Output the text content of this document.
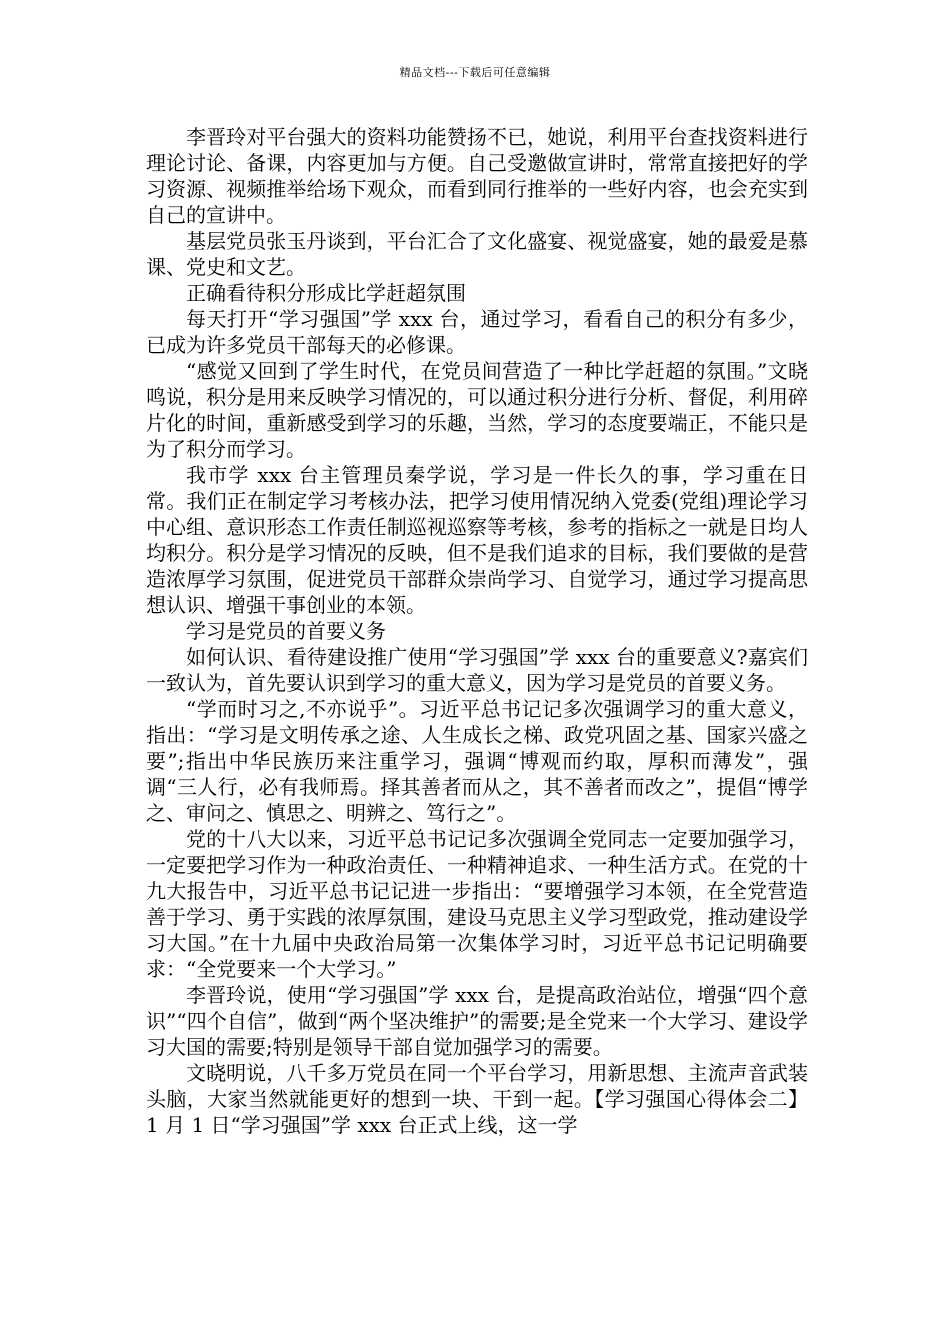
精品文档---下载后可任意编辑

李晋玲对平台强大的资料功能赞扬不已，她说，利用平台查找资料进行理论讨论、备课，内容更加与方便。自己受邀做宣讲时，常常直接把好的学习资源、视频推举给场下观众，而看到同行推举的一些好内容，也会充实到自己的宣讲中。

基层党员张玉丹谈到，平台汇合了文化盛宴、视觉盛宴，她的最爱是慕课、党史和文艺。

正确看待积分形成比学赶超氛围

每天打开“学习强国”学 xxx 台，通过学习，看看自己的积分有多少，已成为许多党员干部每天的必修课。

“感觉又回到了学生时代，在党员间营造了一种比学赶超的氛围。”文晓鸣说，积分是用来反映学习情况的，可以通过积分进行分析、督促，利用碎片化的时间，重新感受到学习的乐趣，当然，学习的态度要端正，不能只是为了积分而学习。

我市学 xxx 台主管理员秦学说，学习是一件长久的事，学习重在日常。我们正在制定学习考核办法，把学习使用情况纳入党委(党组)理论学习中心组、意识形态工作责任制巡视巡察等考核，参考的指标之一就是日均人均积分。积分是学习情况的反映，但不是我们追求的目标，我们要做的是营造浓厚学习氛围，促进党员干部群众崇尚学习、自觉学习，通过学习提高思想认识、增强干事创业的本领。

学习是党员的首要义务

如何认识、看待建设推广使用“学习强国”学 xxx 台的重要意义?嘉宾们一致认为，首先要认识到学习的重大意义，因为学习是党员的首要义务。

“学而时习之,不亦说乎”。习近平总书记记多次强调学习的重大意义，指出：“学习是文明传承之途、人生成长之梯、政党巩固之基、国家兴盛之要”;指出中华民族历来注重学习，强调“博观而约取，厚积而薄发”，强调“三人行，必有我师焉。择其善者而从之，其不善者而改之”，提倡“博学之、审问之、慎思之、明辨之、笃行之”。

党的十八大以来，习近平总书记记多次强调全党同志一定要加强学习，一定要把学习作为一种政治责任、一种精神追求、一种生活方式。在党的十九大报告中，习近平总书记记进一步指出：“要增强学习本领，在全党营造善于学习、勇于实践的浓厚氛围，建设马克思主义学习型政党，推动建设学习大国。”在十九届中央政治局第一次集体学习时，习近平总书记记明确要求：“全党要来一个大学习。”

李晋玲说，使用“学习强国”学 xxx 台，是提高政治站位，增强“四个意识”“四个自信”，做到“两个坚决维护”的需要;是全党来一个大学习、建设学习大国的需要;特别是领导干部自觉加强学习的需要。

文晓明说，八千多万党员在同一个平台学习，用新思想、主流声音武装头脑，大家当然就能更好的想到一块、干到一起。【学习强国心得体会二】1 月 1 日“学习强国”学 xxx 台正式上线，这一学
